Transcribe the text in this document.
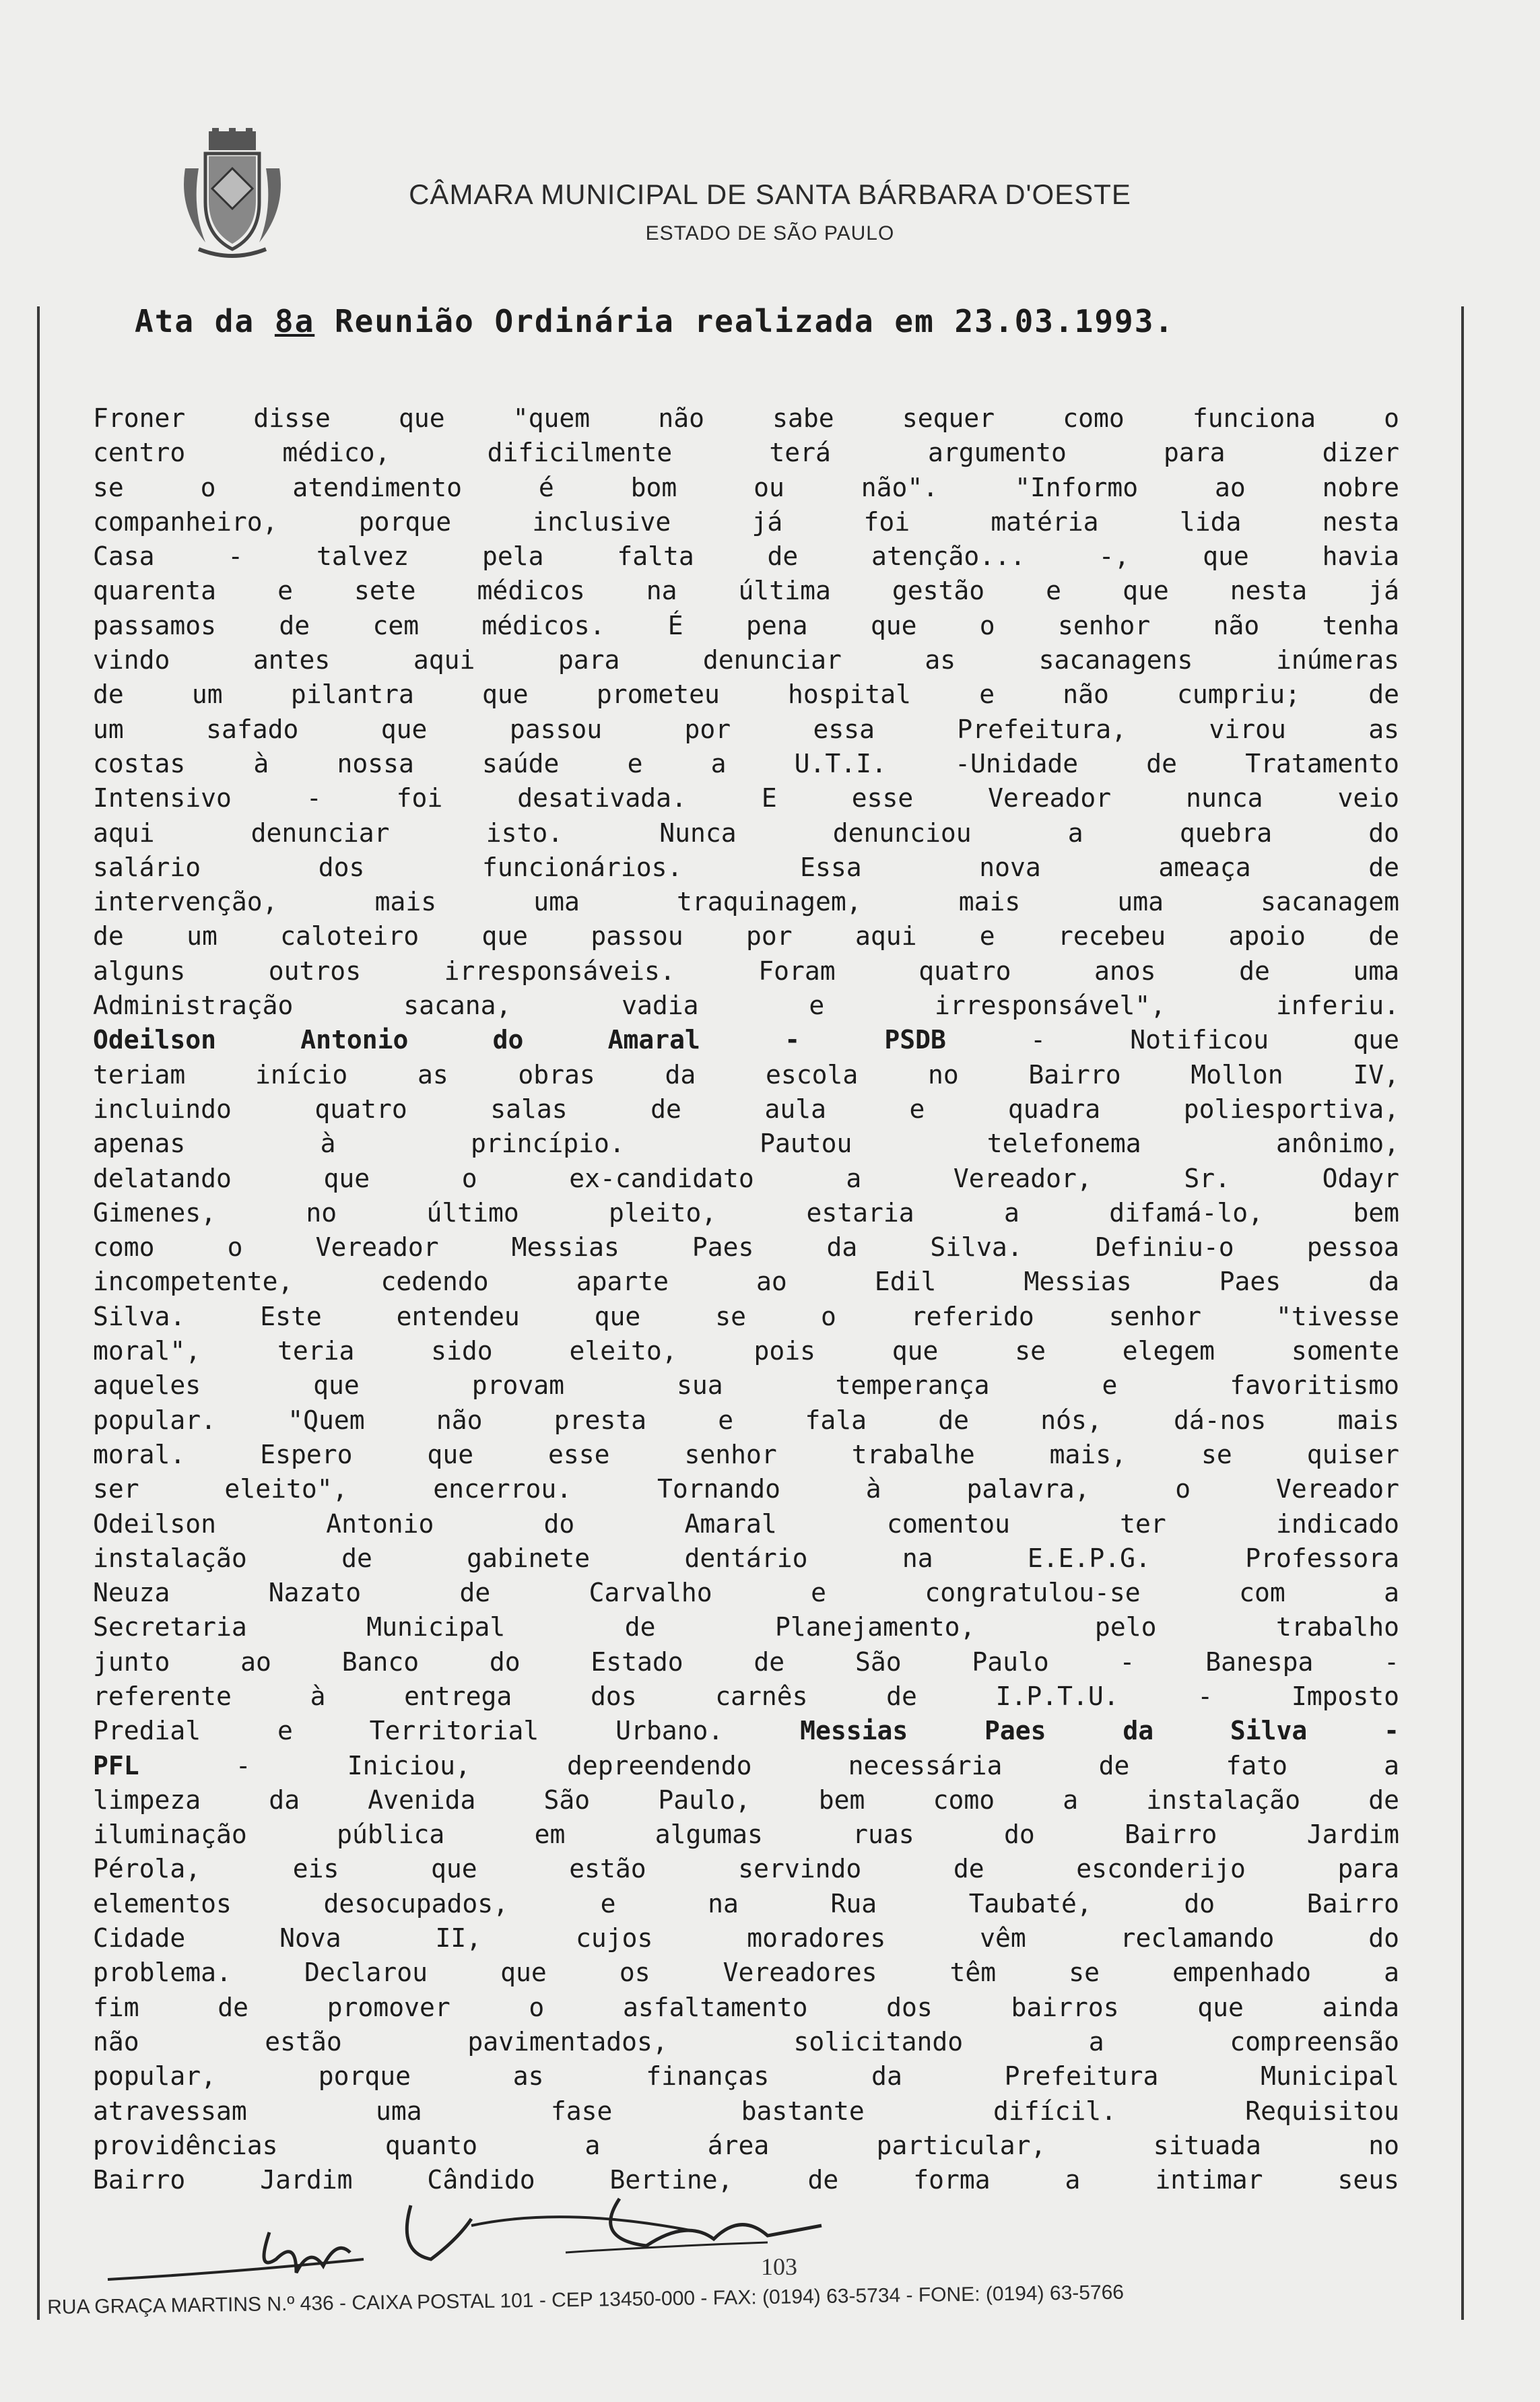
CÂMARA MUNICIPAL DE SANTA BÁRBARA D'OESTE
ESTADO DE SÃO PAULO
Ata da 8a Reunião Ordinária realizada em 23.03.1993.
Froner disse que "quem não sabe sequer como funciona o
centro médico, dificilmente terá argumento para dizer
se o atendimento é bom ou não". "Informo ao nobre
companheiro, porque inclusive já foi matéria lida nesta
Casa - talvez pela falta de atenção... -, que havia
quarenta e sete médicos na última gestão e que nesta já
passamos de cem médicos. É pena que o senhor não tenha
vindo antes aqui para denunciar as sacanagens inúmeras
de um pilantra que prometeu hospital e não cumpriu; de
um safado que passou por essa Prefeitura, virou as
costas à nossa saúde e a U.T.I. -Unidade de Tratamento
Intensivo - foi desativada. E esse Vereador nunca veio
aqui denunciar isto. Nunca denunciou a quebra do
salário dos funcionários. Essa nova ameaça de
intervenção, mais uma traquinagem, mais uma sacanagem
de um caloteiro que passou por aqui e recebeu apoio de
alguns outros irresponsáveis. Foram quatro anos de uma
Administração sacana, vadia e irresponsável", inferiu.
Odeilson Antonio do Amaral - PSDB - Notificou que
teriam início as obras da escola no Bairro Mollon IV,
incluindo quatro salas de aula e quadra poliesportiva,
apenas à princípio. Pautou telefonema anônimo,
delatando que o ex-candidato a Vereador, Sr. Odayr
Gimenes, no último pleito, estaria a difamá-lo, bem
como o Vereador Messias Paes da Silva. Definiu-o pessoa
incompetente, cedendo aparte ao Edil Messias Paes da
Silva. Este entendeu que se o referido senhor "tivesse
moral", teria sido eleito, pois que se elegem somente
aqueles que provam sua temperança e favoritismo
popular. "Quem não presta e fala de nós, dá-nos mais
moral. Espero que esse senhor trabalhe mais, se quiser
ser eleito", encerrou. Tornando à palavra, o Vereador
Odeilson Antonio do Amaral comentou ter indicado
instalação de gabinete dentário na E.E.P.G. Professora
Neuza Nazato de Carvalho e congratulou-se com a
Secretaria Municipal de Planejamento, pelo trabalho
junto ao Banco do Estado de São Paulo - Banespa -
referente à entrega dos carnês de I.P.T.U. - Imposto
Predial e Territorial Urbano. Messias Paes da Silva -
PFL - Iniciou, depreendendo necessária de fato a
limpeza da Avenida São Paulo, bem como a instalação de
iluminação pública em algumas ruas do Bairro Jardim
Pérola, eis que estão servindo de esconderijo para
elementos desocupados, e na Rua Taubaté, do Bairro
Cidade Nova II, cujos moradores vêm reclamando do
problema. Declarou que os Vereadores têm se empenhado a
fim de promover o asfaltamento dos bairros que ainda
não estão pavimentados, solicitando a compreensão
popular, porque as finanças da Prefeitura Municipal
atravessam uma fase bastante difícil. Requisitou
providências quanto a área particular, situada no
Bairro Jardim Cândido Bertine, de forma a intimar seus
103
RUA GRAÇA MARTINS N.º 436 - CAIXA POSTAL 101 - CEP 13450-000 - FAX: (0194) 63-5734 - FONE: (0194) 63-5766
